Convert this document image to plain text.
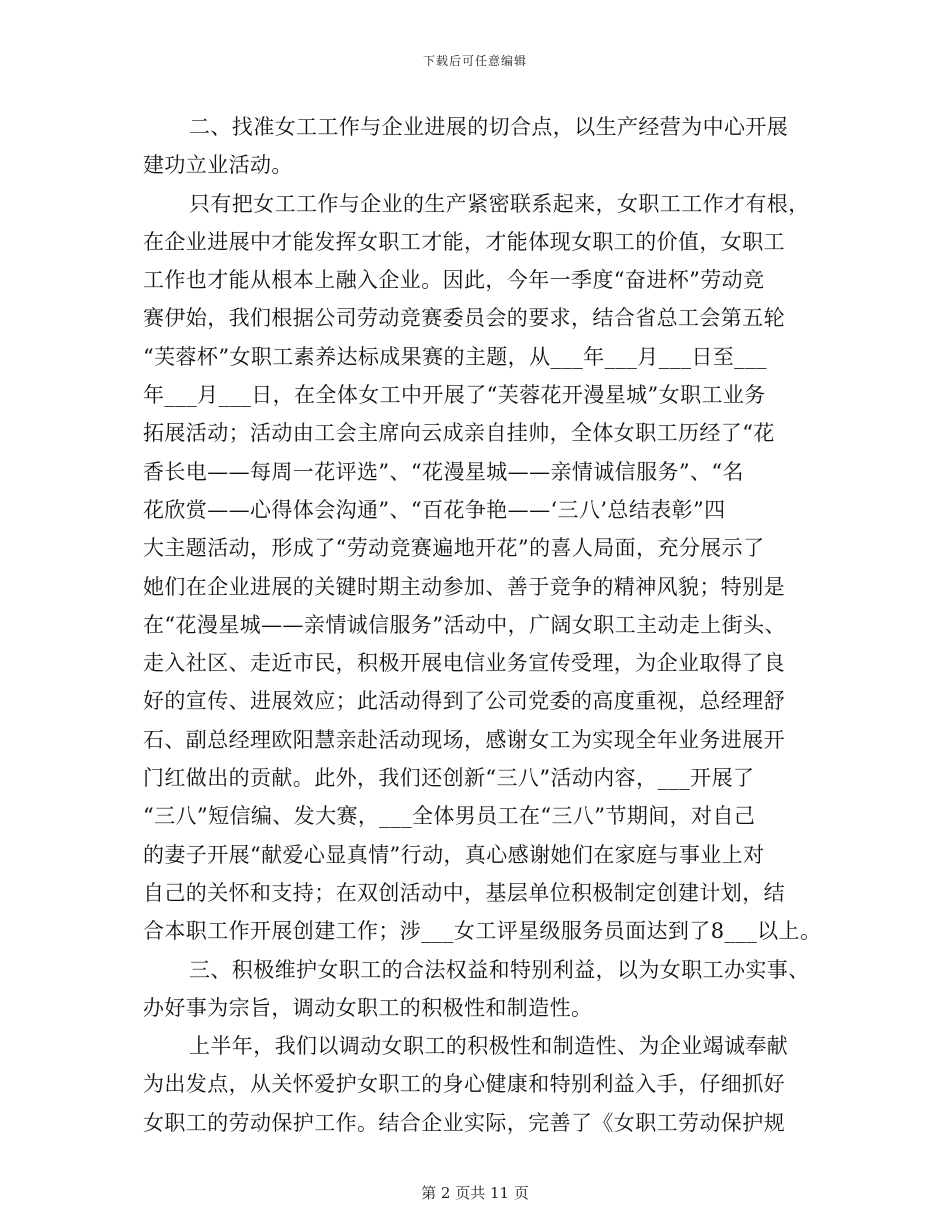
下载后可任意编辑
二、找准女工工作与企业进展的切合点，以生产经营为中心开展
建功立业活动。
只有把女工工作与企业的生产紧密联系起来，女职工工作才有根，
在企业进展中才能发挥女职工才能，才能体现女职工的价值，女职工
工作也才能从根本上融入企业。因此，今年一季度“奋进杯”劳动竞
赛伊始，我们根据公司劳动竞赛委员会的要求，结合省总工会第五轮
“芙蓉杯”女职工素养达标成果赛的主题，从___年___月___日至___
年___月___日，在全体女工中开展了“芙蓉花开漫星城”女职工业务
拓展活动；活动由工会主席向云成亲自挂帅，全体女职工历经了“花
香长电——每周一花评选”、“花漫星城——亲情诚信服务”、“名
花欣赏——心得体会沟通”、“百花争艳——‘三八’总结表彰”四
大主题活动，形成了“劳动竞赛遍地开花”的喜人局面，充分展示了
她们在企业进展的关键时期主动参加、善于竞争的精神风貌；特别是
在“花漫星城——亲情诚信服务”活动中，广阔女职工主动走上街头、
走入社区、走近市民，积极开展电信业务宣传受理，为企业取得了良
好的宣传、进展效应；此活动得到了公司党委的高度重视，总经理舒
石、副总经理欧阳慧亲赴活动现场，感谢女工为实现全年业务进展开
门红做出的贡献。此外，我们还创新“三八”活动内容，___开展了
“三八”短信编、发大赛，___全体男员工在“三八”节期间，对自己
的妻子开展“献爱心显真情”行动，真心感谢她们在家庭与事业上对
自己的关怀和支持；在双创活动中，基层单位积极制定创建计划，结
合本职工作开展创建工作；涉___女工评星级服务员面达到了8___以上。
三、积极维护女职工的合法权益和特别利益，以为女职工办实事、
办好事为宗旨，调动女职工的积极性和制造性。
上半年，我们以调动女职工的积极性和制造性、为企业竭诚奉献
为出发点，从关怀爱护女职工的身心健康和特别利益入手，仔细抓好
女职工的劳动保护工作。结合企业实际，完善了《女职工劳动保护规
第 2 页共 11 页
